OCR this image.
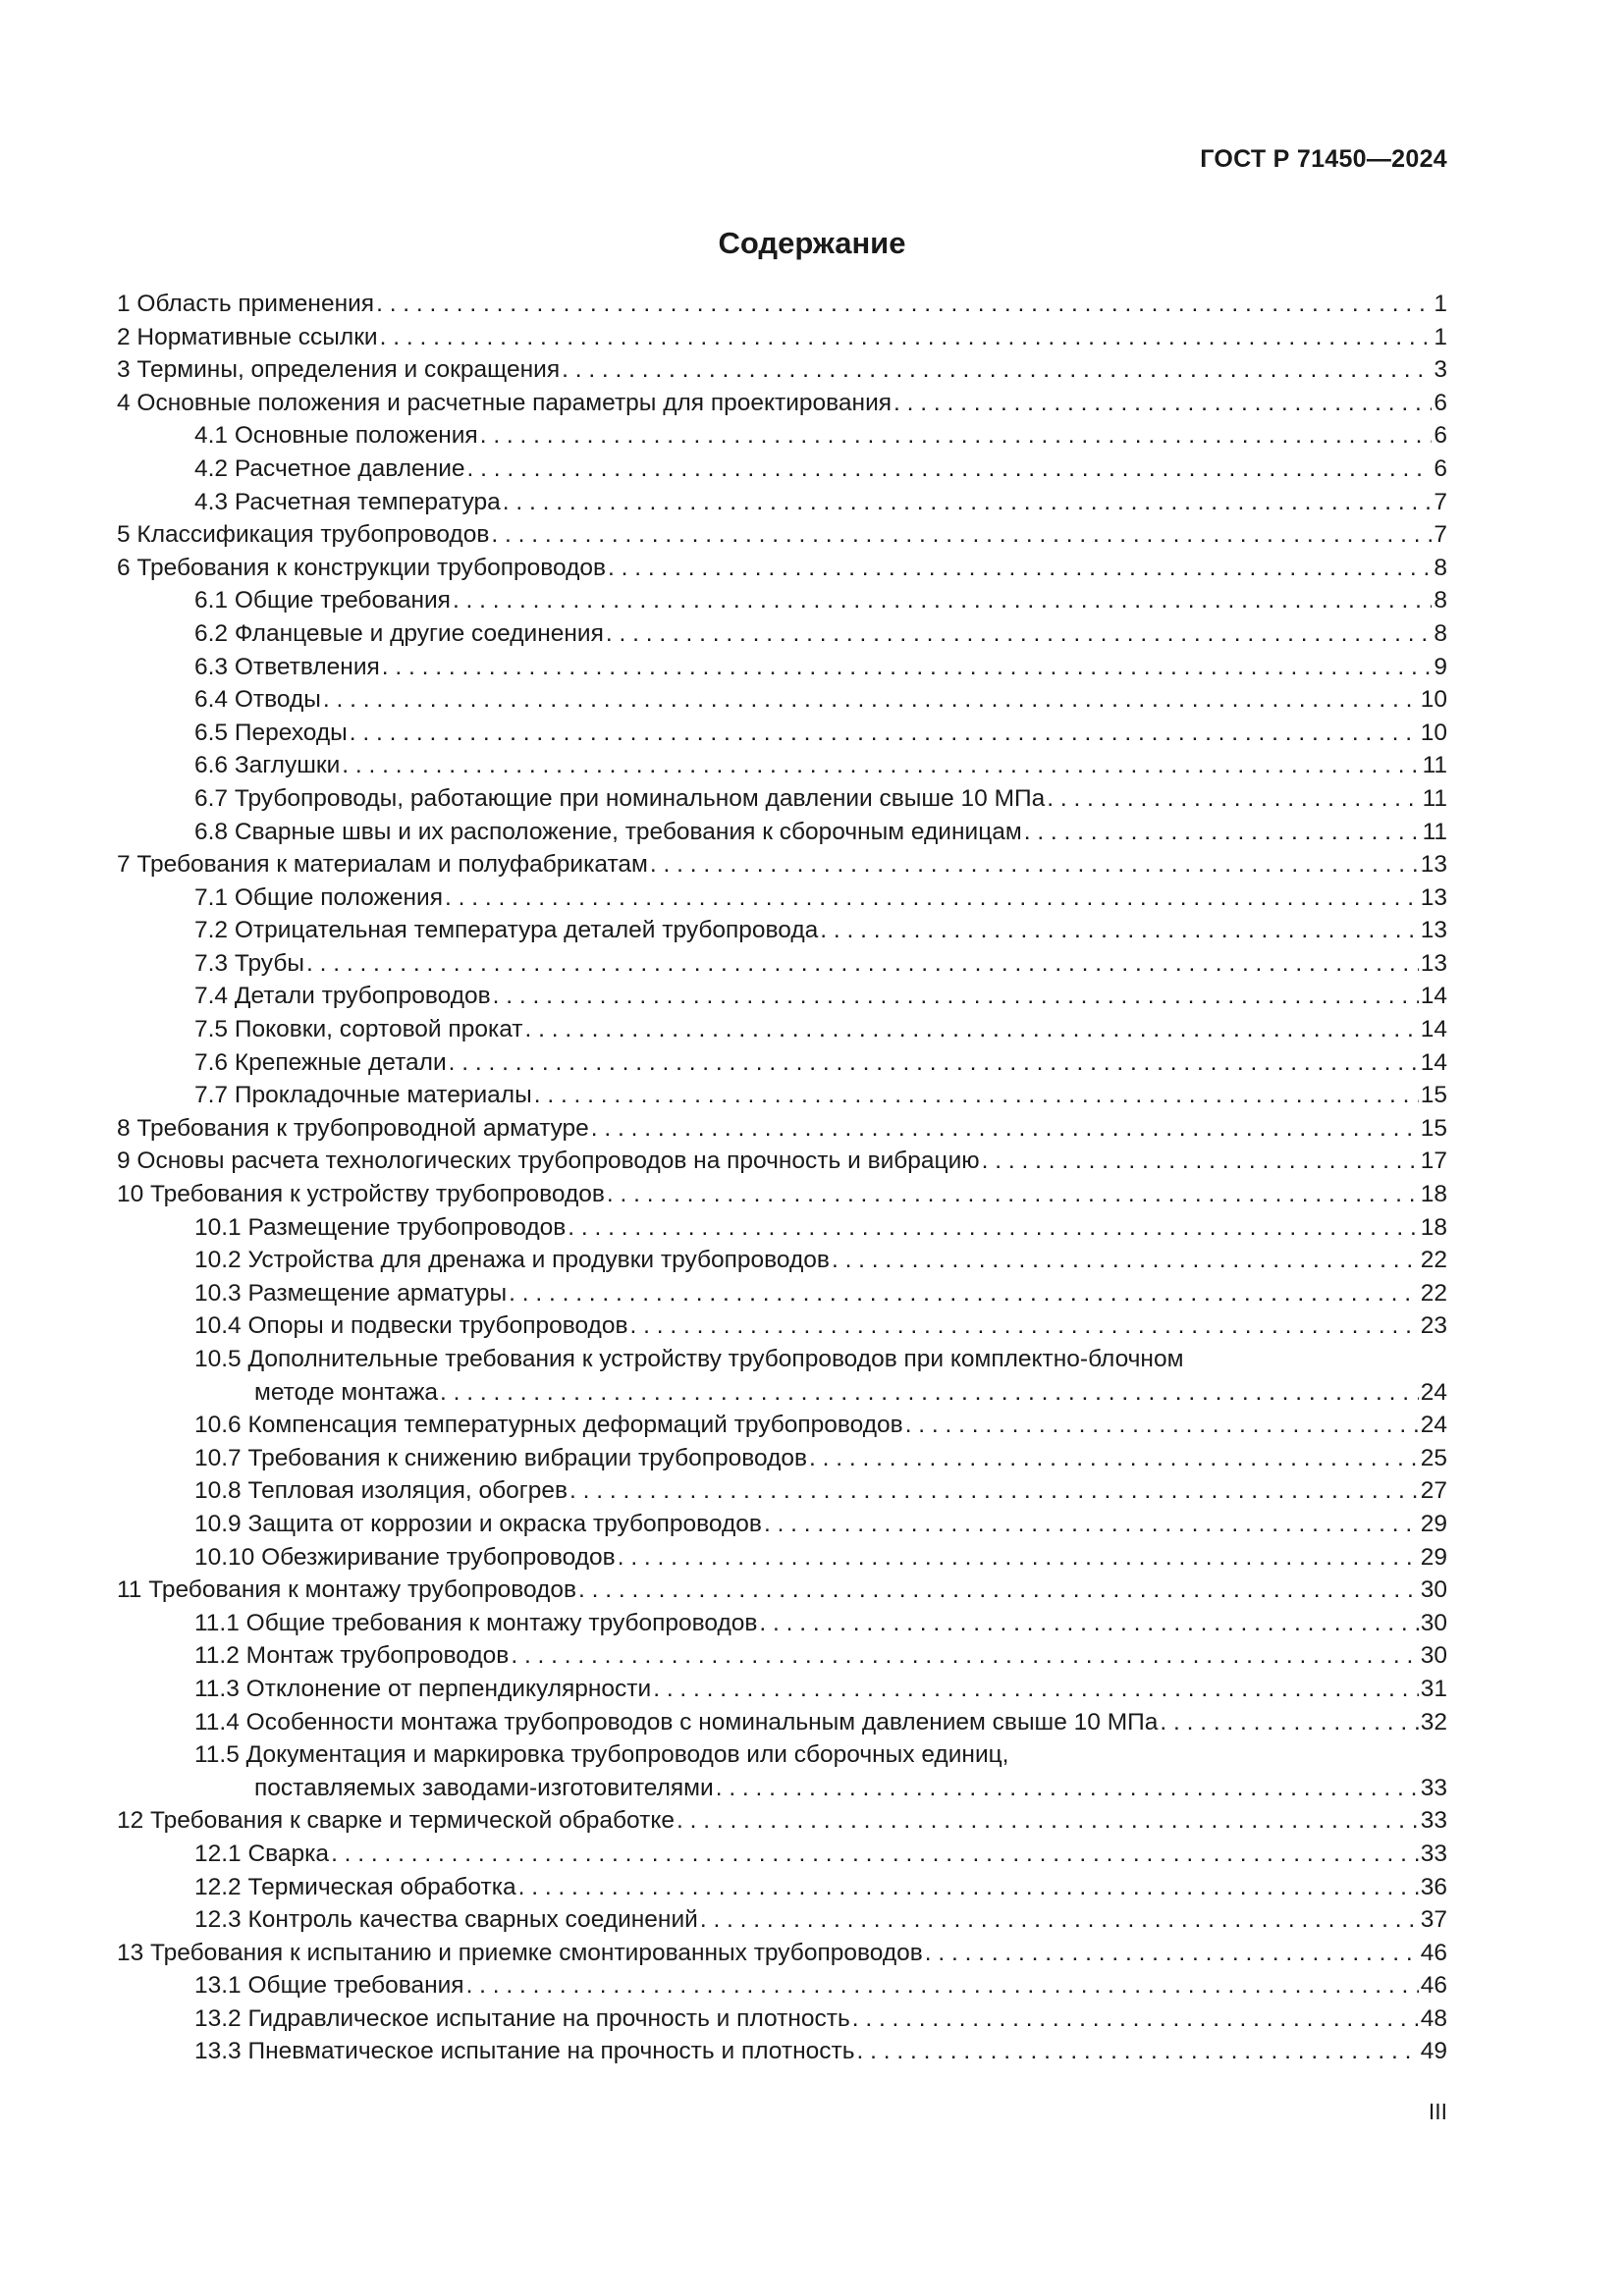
ГОСТ Р 71450—2024
Содержание
1 Область применения . . .	1
2 Нормативные ссылки . . .	1
3 Термины, определения и сокращения . . .	3
4 Основные положения и расчетные параметры для проектирования . . .	6
4.1 Основные положения . . .	6
4.2 Расчетное давление . . .	6
4.3 Расчетная температура . . .	7
5 Классификация трубопроводов . . .	7
6 Требования к конструкции трубопроводов . . .	8
6.1 Общие требования . . .	8
6.2 Фланцевые и другие соединения . . .	8
6.3 Ответвления . . .	9
6.4 Отводы . . .	10
6.5 Переходы . . .	10
6.6 Заглушки . . .	11
6.7 Трубопроводы, работающие при номинальном давлении свыше 10 МПа . . .	11
6.8 Сварные швы и их расположение, требования к сборочным единицам . . .	11
7 Требования к материалам и полуфабрикатам . . .	13
7.1 Общие положения . . .	13
7.2 Отрицательная температура деталей трубопровода . . .	13
7.3 Трубы . . .	13
7.4 Детали трубопроводов . . .	14
7.5 Поковки, сортовой прокат . . .	14
7.6 Крепежные детали . . .	14
7.7 Прокладочные материалы . . .	15
8 Требования к трубопроводной арматуре . . .	15
9 Основы расчета технологических трубопроводов на прочность и вибрацию . . .	17
10 Требования к устройству трубопроводов . . .	18
10.1 Размещение трубопроводов . . .	18
10.2 Устройства для дренажа и продувки трубопроводов . . .	22
10.3 Размещение арматуры . . .	22
10.4 Опоры и подвески трубопроводов . . .	23
10.5 Дополнительные требования к устройству трубопроводов при комплектно-блочном
методе монтажа . . .	24
10.6 Компенсация температурных деформаций трубопроводов . . .	24
10.7 Требования к снижению вибрации трубопроводов . . .	25
10.8 Тепловая изоляция, обогрев . . .	27
10.9 Защита от коррозии и окраска трубопроводов . . .	29
10.10 Обезжиривание трубопроводов . . .	29
11 Требования к монтажу трубопроводов . . .	30
11.1 Общие требования к монтажу трубопроводов . . .	30
11.2 Монтаж трубопроводов . . .	30
11.3 Отклонение от перпендикулярности . . .	31
11.4 Особенности монтажа трубопроводов с номинальным давлением свыше 10 МПа . . .	32
11.5 Документация и маркировка трубопроводов или сборочных единиц,
поставляемых заводами-изготовителями . . .	33
12 Требования к сварке и термической обработке . . .	33
12.1 Сварка . . .	33
12.2 Термическая обработка . . .	36
12.3 Контроль качества сварных соединений . . .	37
13 Требования к испытанию и приемке смонтированных трубопроводов . . .	46
13.1 Общие требования . . .	46
13.2 Гидравлическое испытание на прочность и плотность . . .	48
13.3 Пневматическое испытание на прочность и плотность . . .	49
III
